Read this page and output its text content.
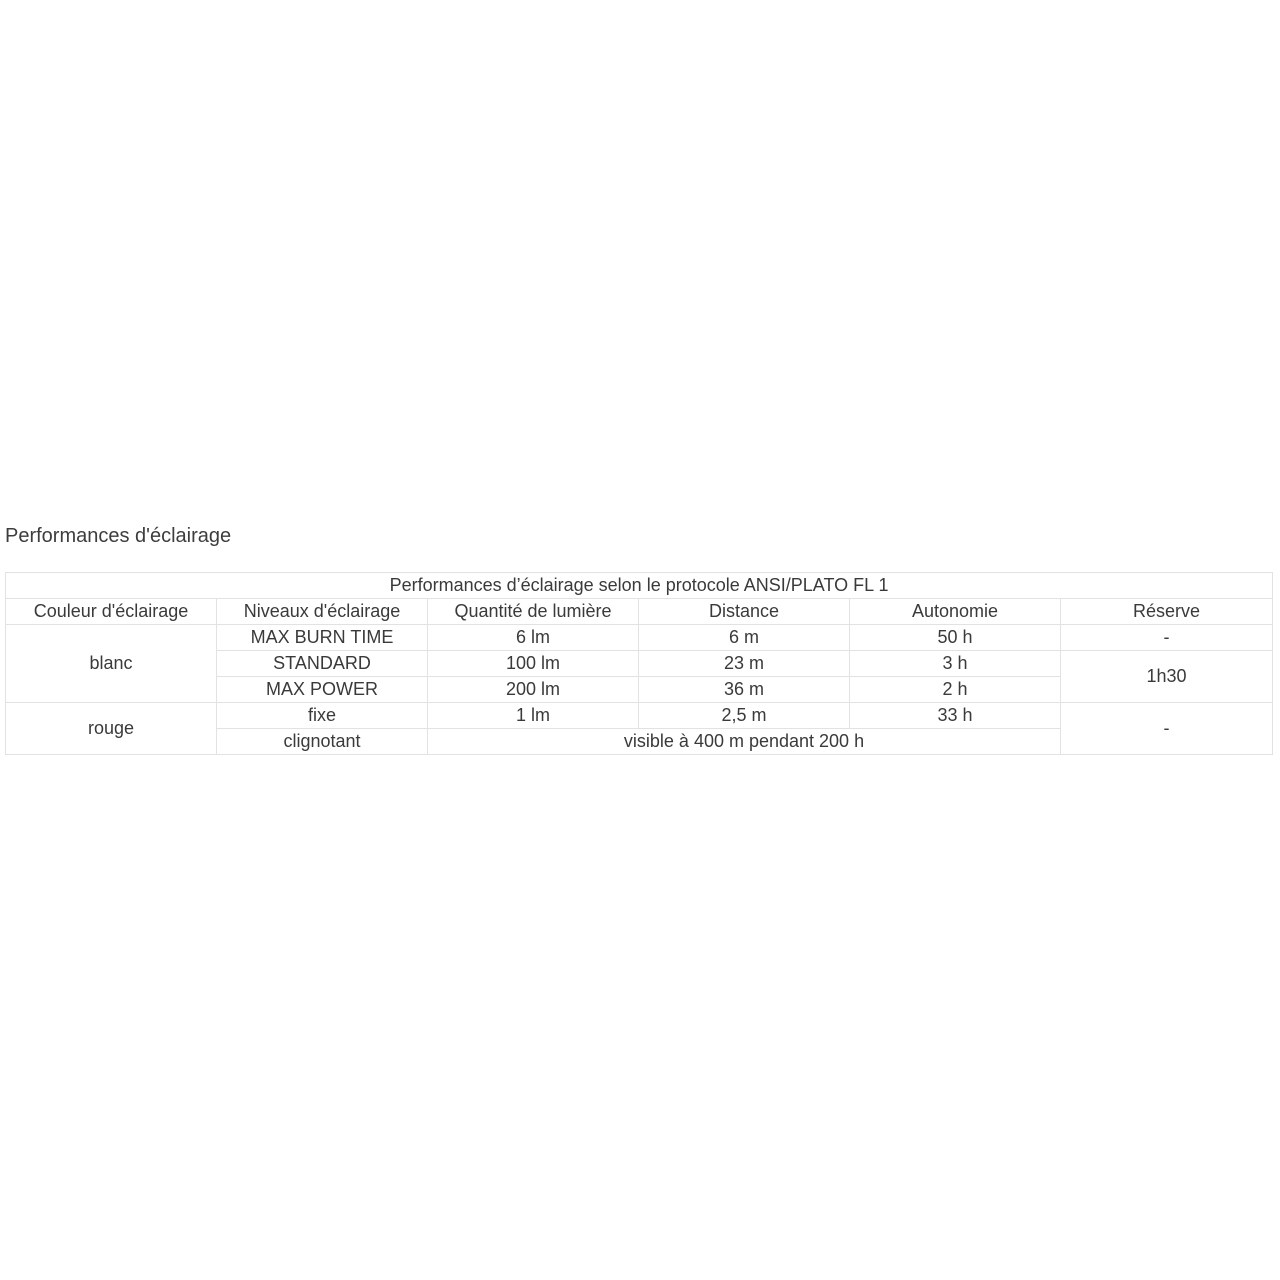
Performances d'éclairage
Performances d’éclairage selon le protocole ANSI/PLATO FL 1					
Couleur d'éclairage	Niveaux d'éclairage	Quantité de lumière	Distance	Autonomie	Réserve
blanc	MAX BURN TIME	6 lm	6 m	50 h	-
	STANDARD	100 lm	23 m	3 h	1h30
	MAX POWER	200 lm	36 m	2 h	
rouge	fixe	1 lm	2,5 m	33 h	-
	clignotant	visible à 400 m pendant 200 h			
